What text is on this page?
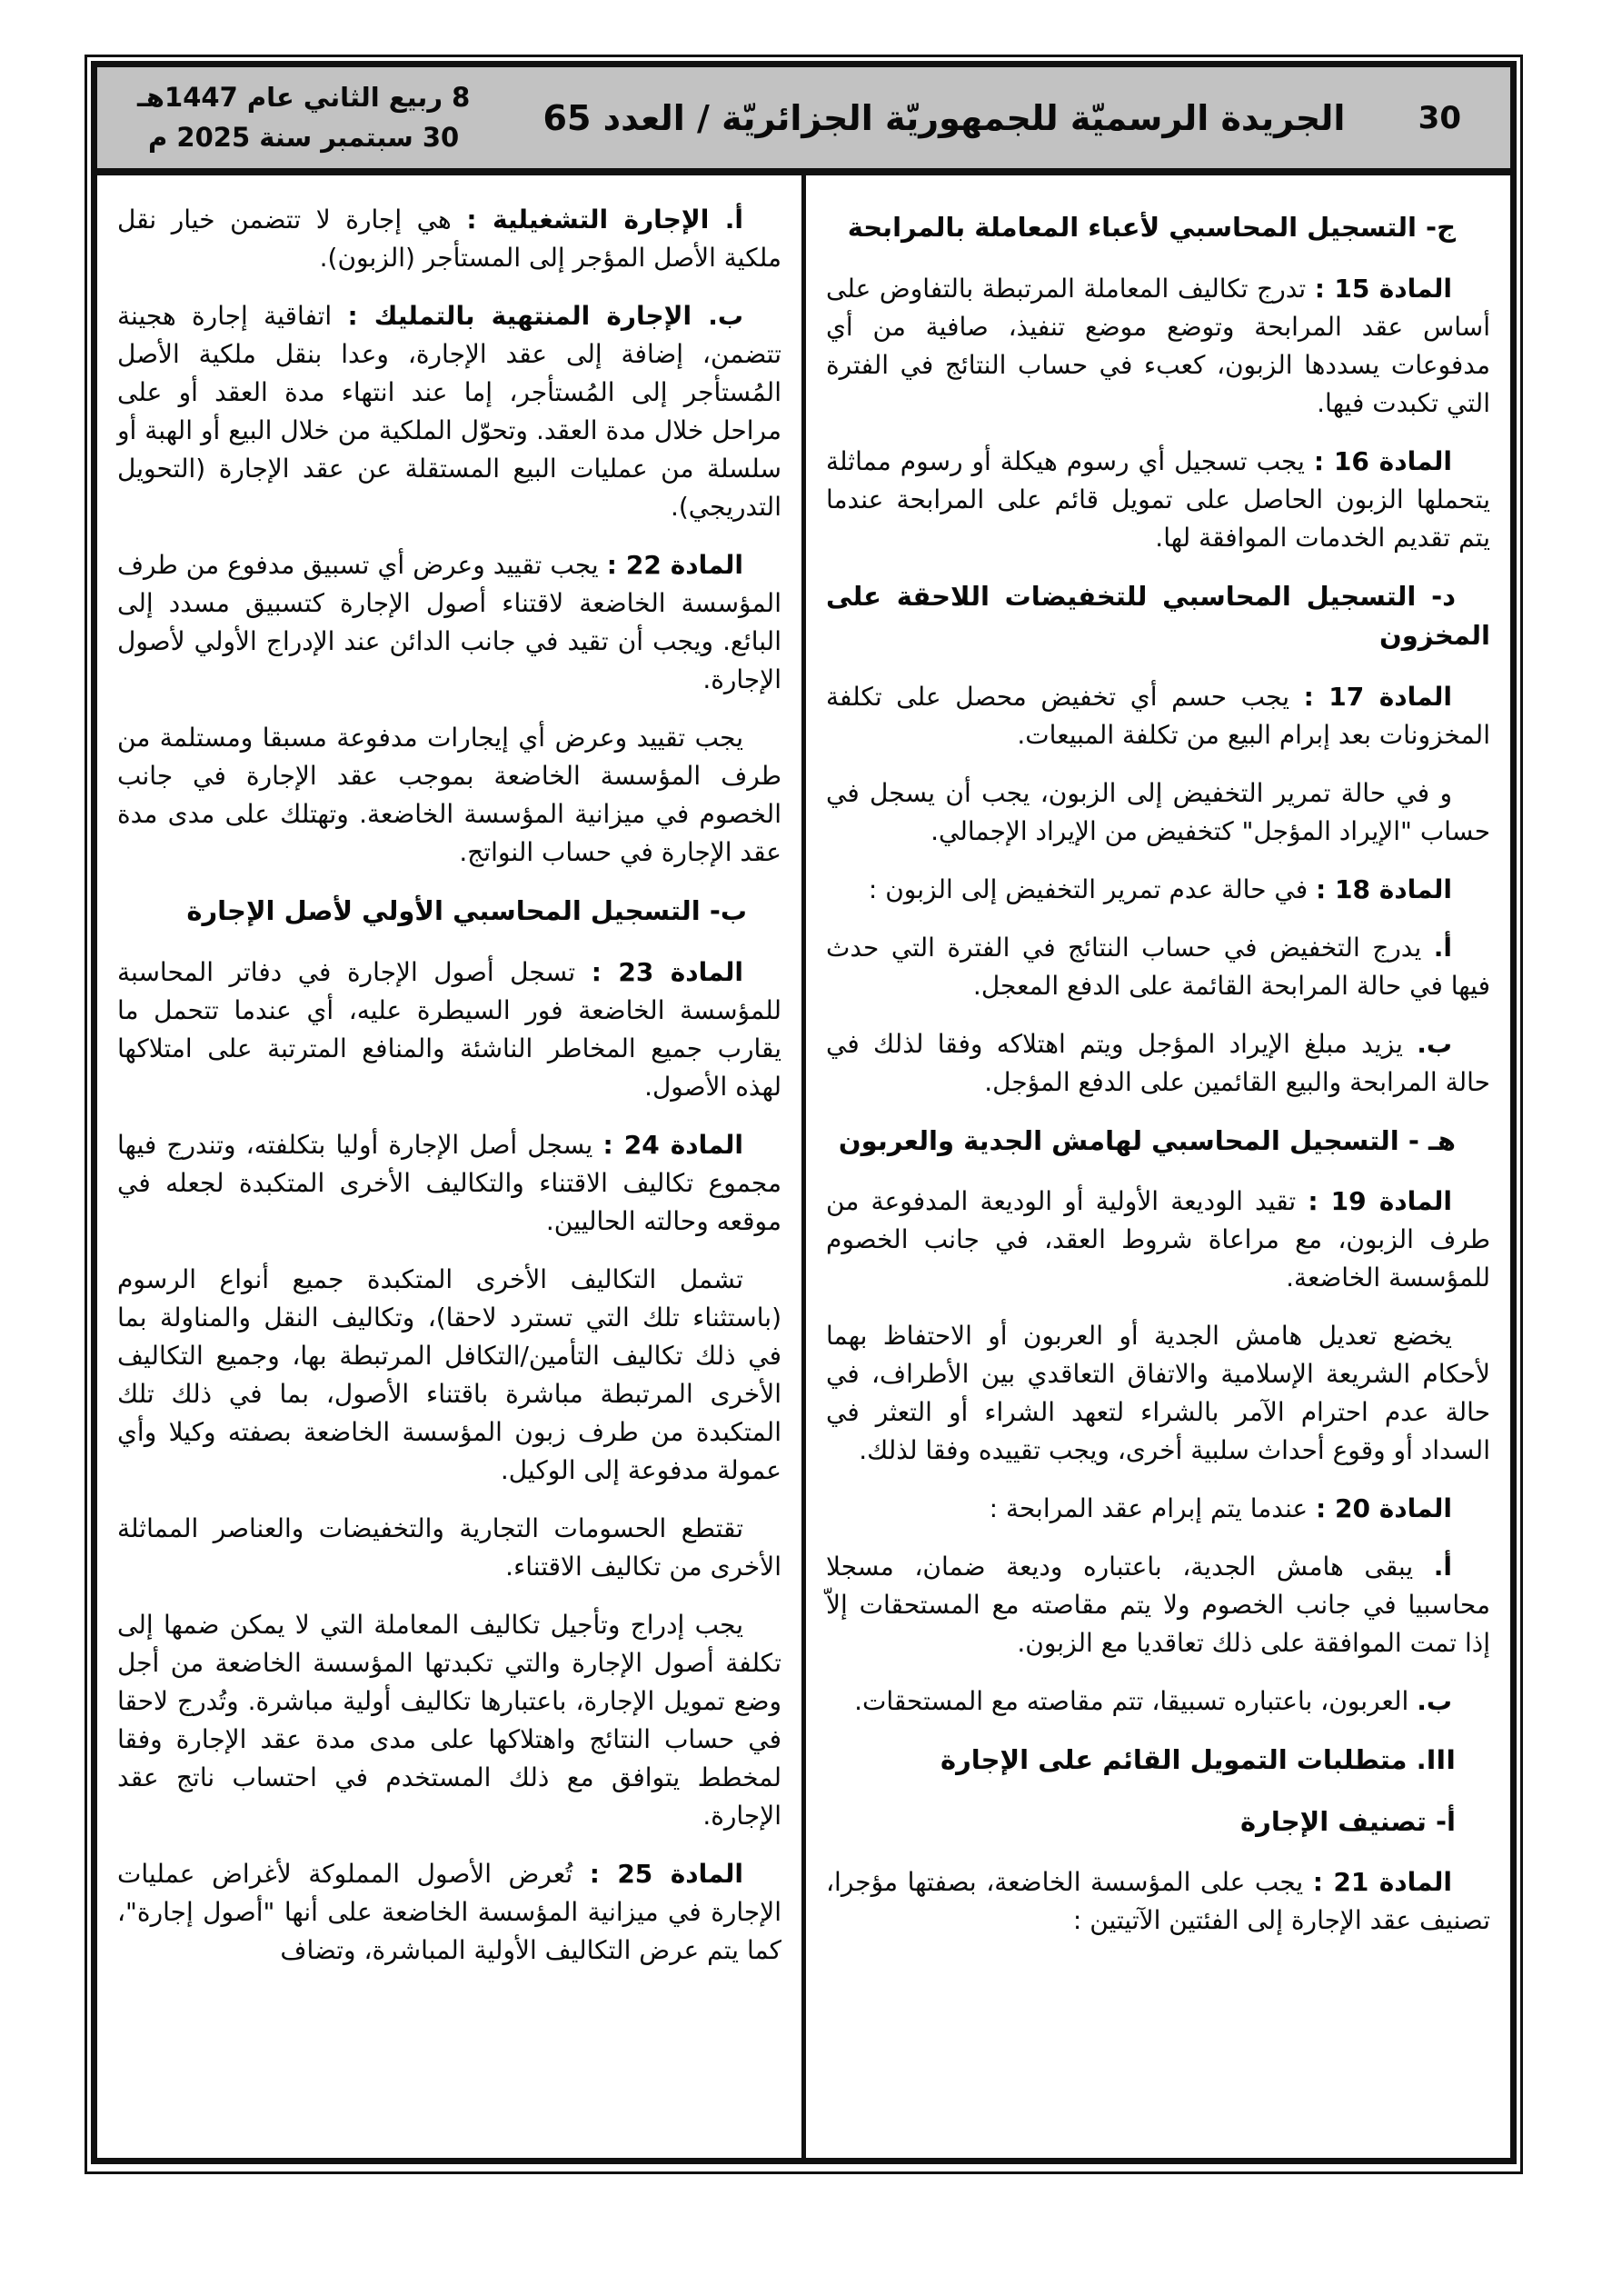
30
الجريدة الرسميّة للجمهوريّة الجزائريّة / العدد 65
8 ربيع الثاني عام 1447هـ
30 سبتمبر سنة 2025 م

ج- التسجيل المحاسبي لأعباء المعاملة بالمرابحة

المادة 15 : تدرج تكاليف المعاملة المرتبطة بالتفاوض على أساس عقد المرابحة وتوضع موضع تنفيذ، صافية من أي مدفوعات يسددها الزبون، كعبء في حساب النتائج في الفترة التي تكبدت فيها.

المادة 16 : يجب تسجيل أي رسوم هيكلة أو رسوم مماثلة يتحملها الزبون الحاصل على تمويل قائم على المرابحة عندما يتم تقديم الخدمات الموافقة لها.

د- التسجيل المحاسبي للتخفيضات اللاحقة على المخزون

المادة 17 : يجب حسم أي تخفيض محصل على تكلفة المخزونات بعد إبرام البيع من تكلفة المبيعات.

و في حالة تمرير التخفيض إلى الزبون، يجب أن يسجل في حساب "الإيراد المؤجل" كتخفيض من الإيراد الإجمالي.

المادة 18 : في حالة عدم تمرير التخفيض إلى الزبون :

أ. يدرج التخفيض في حساب النتائج في الفترة التي حدث فيها في حالة المرابحة القائمة على الدفع المعجل.

ب. يزيد مبلغ الإيراد المؤجل ويتم اهتلاكه وفقا لذلك في حالة المرابحة والبيع القائمين على الدفع المؤجل.

هـ - التسجيل المحاسبي لهامش الجدية والعربون

المادة 19 : تقيد الوديعة الأولية أو الوديعة المدفوعة من طرف الزبون، مع مراعاة شروط العقد، في جانب الخصوم للمؤسسة الخاضعة.

يخضع تعديل هامش الجدية أو العربون أو الاحتفاظ بهما لأحكام الشريعة الإسلامية والاتفاق التعاقدي بين الأطراف، في حالة عدم احترام الآمر بالشراء لتعهد الشراء أو التعثر في السداد أو وقوع أحداث سلبية أخرى، ويجب تقييده وفقا لذلك.

المادة 20 : عندما يتم إبرام عقد المرابحة :

أ. يبقى هامش الجدية، باعتباره وديعة ضمان، مسجلا محاسبيا في جانب الخصوم ولا يتم مقاصته مع المستحقات إلاّ إذا تمت الموافقة على ذلك تعاقديا مع الزبون.

ب. العربون، باعتباره تسبيقا، تتم مقاصته مع المستحقات.

III. متطلبات التمويل القائم على الإجارة

أ- تصنيف الإجارة

المادة 21 : يجب على المؤسسة الخاضعة، بصفتها مؤجرا، تصنيف عقد الإجارة إلى الفئتين الآتيتين :

أ. الإجارة التشغيلية : هي إجارة لا تتضمن خيار نقل ملكية الأصل المؤجر إلى المستأجر (الزبون).

ب. الإجارة المنتهية بالتمليك : اتفاقية إجارة هجينة تتضمن، إضافة إلى عقد الإجارة، وعدا بنقل ملكية الأصل المُستأجر إلى المُستأجر، إما عند انتهاء مدة العقد أو على مراحل خلال مدة العقد. وتحوّل الملكية من خلال البيع أو الهبة أو سلسلة من عمليات البيع المستقلة عن عقد الإجارة (التحويل التدريجي).

المادة 22 : يجب تقييد وعرض أي تسبيق مدفوع من طرف المؤسسة الخاضعة لاقتناء أصول الإجارة كتسبيق مسدد إلى البائع. ويجب أن تقيد في جانب الدائن عند الإدراج الأولي لأصول الإجارة.

يجب تقييد وعرض أي إيجارات مدفوعة مسبقا ومستلمة من طرف المؤسسة الخاضعة بموجب عقد الإجارة في جانب الخصوم في ميزانية المؤسسة الخاضعة. وتهتلك على مدى مدة عقد الإجارة في حساب النواتج.

ب- التسجيل المحاسبي الأولي لأصل الإجارة

المادة 23 : تسجل أصول الإجارة في دفاتر المحاسبة للمؤسسة الخاضعة فور السيطرة عليه، أي عندما تتحمل ما يقارب جميع المخاطر الناشئة والمنافع المترتبة على امتلاكها لهذه الأصول.

المادة 24 : يسجل أصل الإجارة أوليا بتكلفته، وتندرج فيها مجموع تكاليف الاقتناء والتكاليف الأخرى المتكبدة لجعله في موقعه وحالته الحاليين.

تشمل التكاليف الأخرى المتكبدة جميع أنواع الرسوم (باستثناء تلك التي تسترد لاحقا)، وتكاليف النقل والمناولة بما في ذلك تكاليف التأمين/التكافل المرتبطة بها، وجميع التكاليف الأخرى المرتبطة مباشرة باقتناء الأصول، بما في ذلك تلك المتكبدة من طرف زبون المؤسسة الخاضعة بصفته وكيلا وأي عمولة مدفوعة إلى الوكيل.

تقتطع الحسومات التجارية والتخفيضات والعناصر المماثلة الأخرى من تكاليف الاقتناء.

يجب إدراج وتأجيل تكاليف المعاملة التي لا يمكن ضمها إلى تكلفة أصول الإجارة والتي تكبدتها المؤسسة الخاضعة من أجل وضع تمويل الإجارة، باعتبارها تكاليف أولية مباشرة. وتُدرج لاحقا في حساب النتائج واهتلاكها على مدى مدة عقد الإجارة وفقا لمخطط يتوافق مع ذلك المستخدم في احتساب ناتج عقد الإجارة.

المادة 25 : تُعرض الأصول المملوكة لأغراض عمليات الإجارة في ميزانية المؤسسة الخاضعة على أنها "أصول إجارة"، كما يتم عرض التكاليف الأولية المباشرة، وتضاف
